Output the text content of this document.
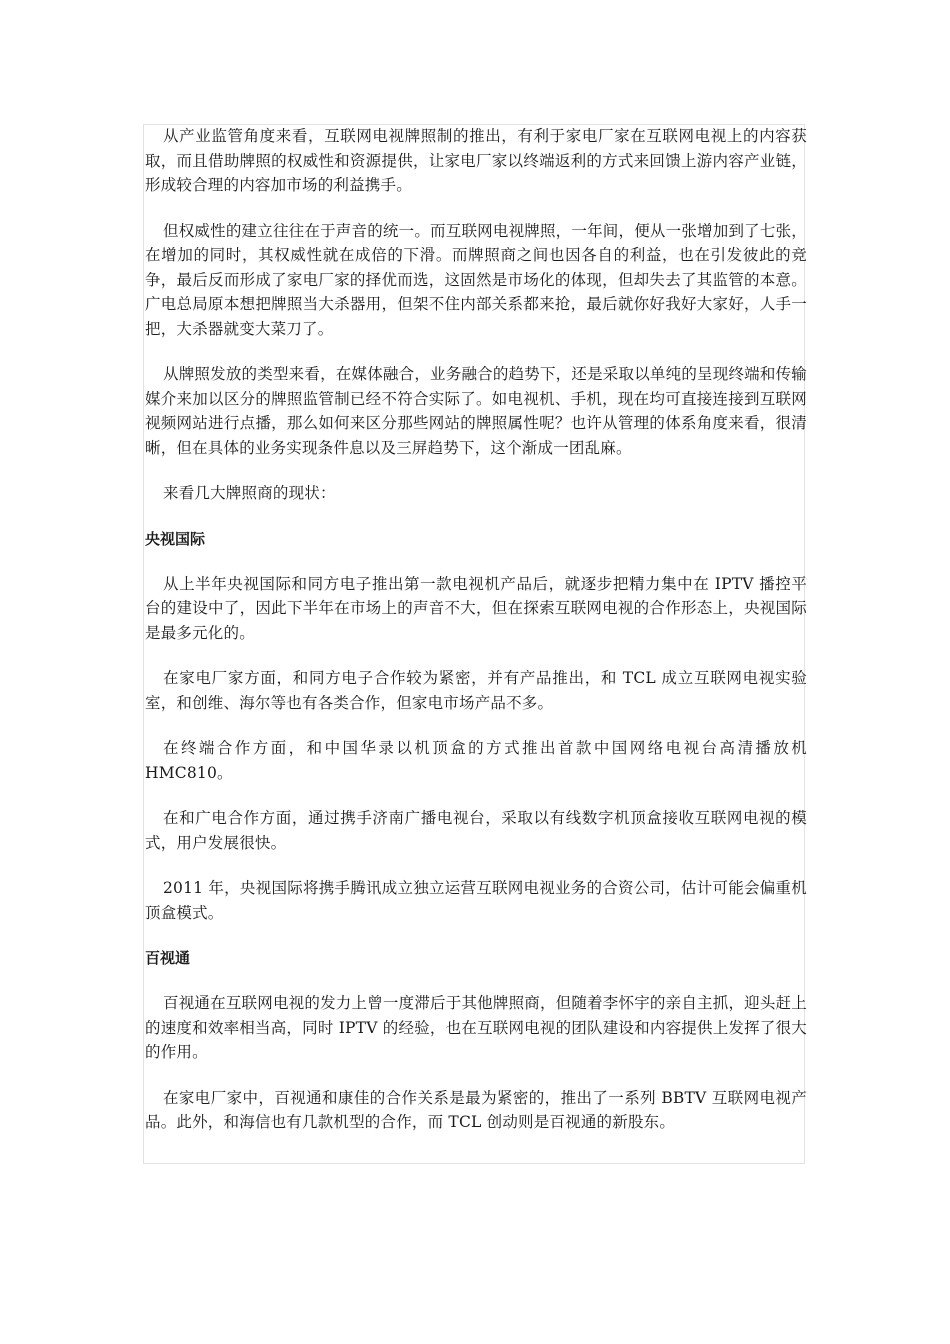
从产业监管角度来看，互联网电视牌照制的推出，有利于家电厂家在互联网电视上的内容获取，而且借助牌照的权威性和资源提供，让家电厂家以终端返利的方式来回馈上游内容产业链，形成较合理的内容加市场的利益携手。

但权威性的建立往往在于声音的统一。而互联网电视牌照，一年间，便从一张增加到了七张，在增加的同时，其权威性就在成倍的下滑。而牌照商之间也因各自的利益，也在引发彼此的竞争，最后反而形成了家电厂家的择优而选，这固然是市场化的体现，但却失去了其监管的本意。广电总局原本想把牌照当大杀器用，但架不住内部关系都来抢，最后就你好我好大家好，人手一把，大杀器就变大菜刀了。

从牌照发放的类型来看，在媒体融合，业务融合的趋势下，还是采取以单纯的呈现终端和传输媒介来加以区分的牌照监管制已经不符合实际了。如电视机、手机，现在均可直接连接到互联网视频网站进行点播，那么如何来区分那些网站的牌照属性呢？也许从管理的体系角度来看，很清晰，但在具体的业务实现条件息以及三屏趋势下，这个渐成一团乱麻。

来看几大牌照商的现状：

央视国际

从上半年央视国际和同方电子推出第一款电视机产品后，就逐步把精力集中在 IPTV 播控平台的建设中了，因此下半年在市场上的声音不大，但在探索互联网电视的合作形态上，央视国际是最多元化的。

在家电厂家方面，和同方电子合作较为紧密，并有产品推出，和 TCL 成立互联网电视实验室，和创维、海尔等也有各类合作，但家电市场产品不多。

在终端合作方面，和中国华录以机顶盒的方式推出首款中国网络电视台高清播放机 HMC810。

在和广电合作方面，通过携手济南广播电视台，采取以有线数字机顶盒接收互联网电视的模式，用户发展很快。

2011 年，央视国际将携手腾讯成立独立运营互联网电视业务的合资公司，估计可能会偏重机顶盒模式。

百视通

百视通在互联网电视的发力上曾一度滞后于其他牌照商，但随着李怀宇的亲自主抓，迎头赶上的速度和效率相当高，同时 IPTV 的经验，也在互联网电视的团队建设和内容提供上发挥了很大的作用。

在家电厂家中，百视通和康佳的合作关系是最为紧密的，推出了一系列 BBTV 互联网电视产品。此外，和海信也有几款机型的合作，而 TCL 创动则是百视通的新股东。
